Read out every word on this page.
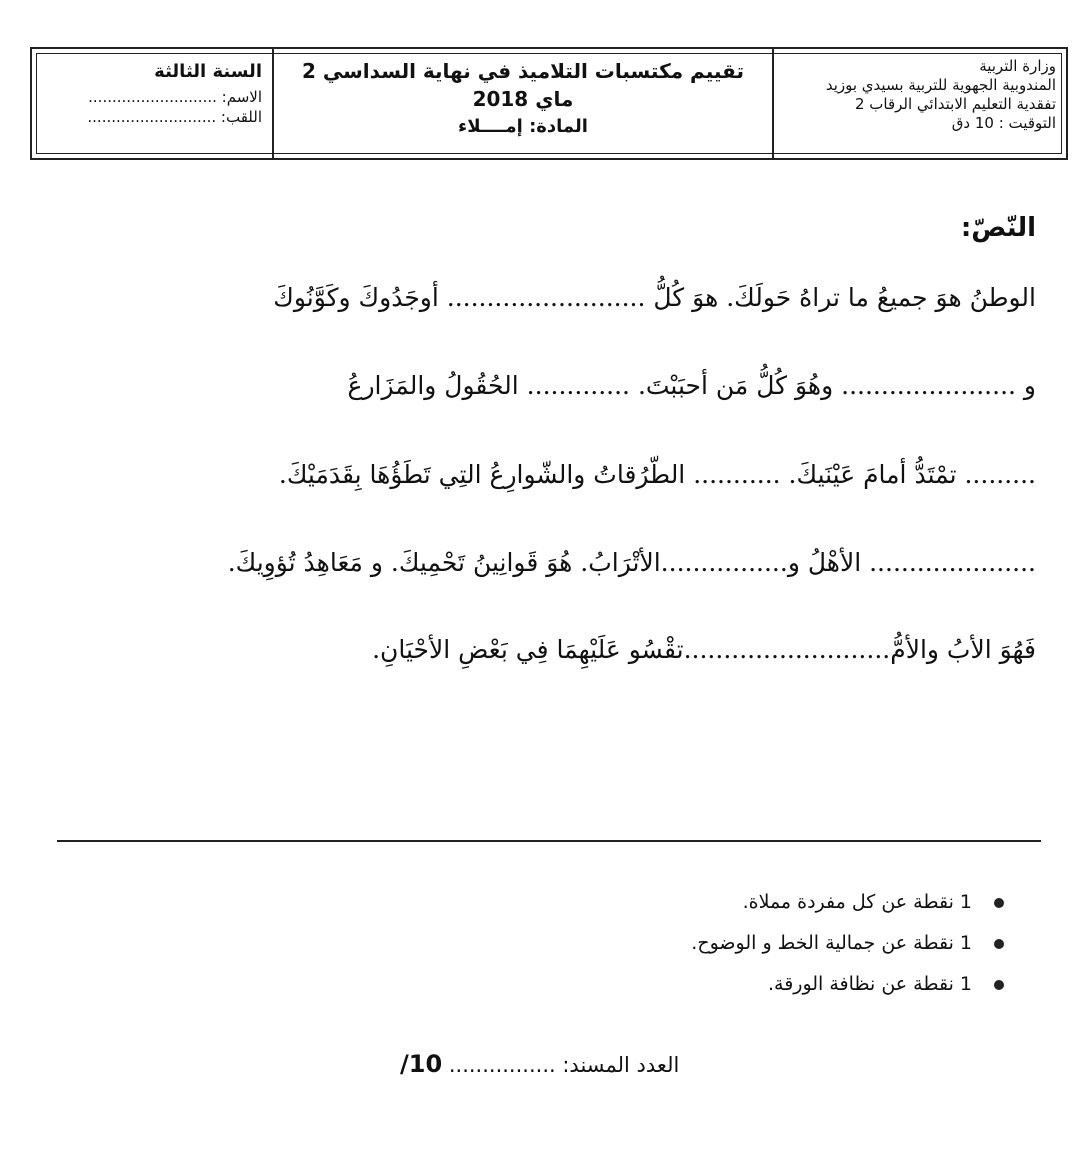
وزارة التربية
المندوبية الجهوية للتربية بسيدي بوزيد
تفقدية التعليم الابتدائي الرقاب 2
التوقيت : 10 دق
تقييم مكتسبات التلاميذ في نهاية السداسي 2
ماي 2018
المادة: إمــــلاء
السنة الثالثة
الاسم: ...........................
اللقب: ...........................
النّصّ:
الوطنُ هوَ جميعُ ما تراهُ حَولَكَ. هوَ كُلُّ ......................... أوجَدُوكَ وكَوَّنُوكَ
و ...................... وهُوَ كُلُّ مَن أحبَبْتَ. ............. الحُقُولُ والمَزَارعُ
......... تمْتَدُّ أمامَ عَيْنَيكَ. ........... الطّرُقاتُ والشّوارِعُ التِي تَطَؤُهَا بِقَدَمَيْكَ.
..................... الأهْلُ و................الأتْرَابُ. هُوَ قَوانِينُ تَحْمِيكَ. و مَعَاهِدُ تُؤوِيكَ.
فَهُوَ الأبُ والأمُّ..........................تقْسُو عَلَيْهِمَا فِي بَعْضِ الأحْيَانِ.
1 نقطة عن كل مفردة مملاة.
1 نقطة عن جمالية الخط و الوضوح.
1 نقطة عن نظافة الورقة.
العدد المسند: ................ 10/
